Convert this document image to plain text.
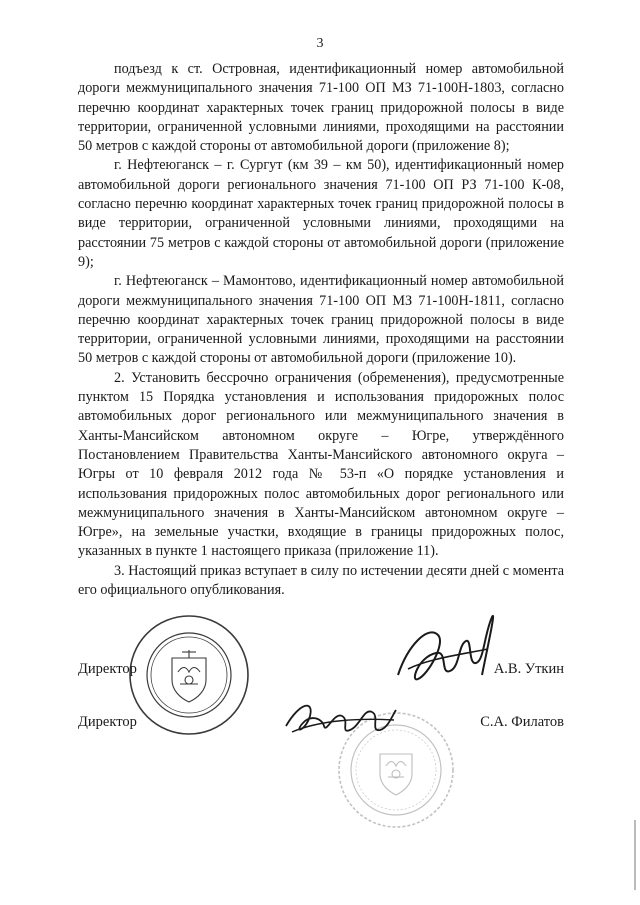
3

подъезд к ст. Островная, идентификационный номер автомобильной дороги межмуниципального значения 71-100 ОП МЗ 71-100Н-1803, согласно перечню координат характерных точек границ придорожной полосы в виде территории, ограниченной условными линиями, проходящими на расстоянии 50 метров с каждой стороны от автомобильной дороги (приложение 8);

г. Нефтеюганск – г. Сургут (км 39 – км 50), идентификационный номер автомобильной дороги регионального значения 71-100 ОП РЗ 71-100 К-08, согласно перечню координат характерных точек границ придорожной полосы в виде территории, ограниченной условными линиями, проходящими на расстоянии 75 метров с каждой стороны от автомобильной дороги (приложение 9);

г. Нефтеюганск – Мамонтово, идентификационный номер автомобильной дороги межмуниципального значения 71-100 ОП МЗ 71-100Н-1811, согласно перечню координат характерных точек границ придорожной полосы в виде территории, ограниченной условными линиями, проходящими на расстоянии 50 метров с каждой стороны от автомобильной дороги (приложение 10).

2. Установить бессрочно ограничения (обременения), предусмотренные пунктом 15 Порядка установления и использования придорожных полос автомобильных дорог регионального или межмуниципального значения в Ханты-Мансийском автономном округе – Югре, утверждённого Постановлением Правительства Ханты-Мансийского автономного округа – Югры от 10 февраля 2012 года № 53-п «О порядке установления и использования придорожных полос автомобильных дорог регионального или межмуниципального значения в Ханты-Мансийском автономном округе – Югре», на земельные участки, входящие в границы придорожных полос, указанных в пункте 1 настоящего приказа (приложение 11).

3. Настоящий приказ вступает в силу по истечении десяти дней с момента его официального опубликования.

Директор	А.В. Уткин
Директор	С.А. Филатов
